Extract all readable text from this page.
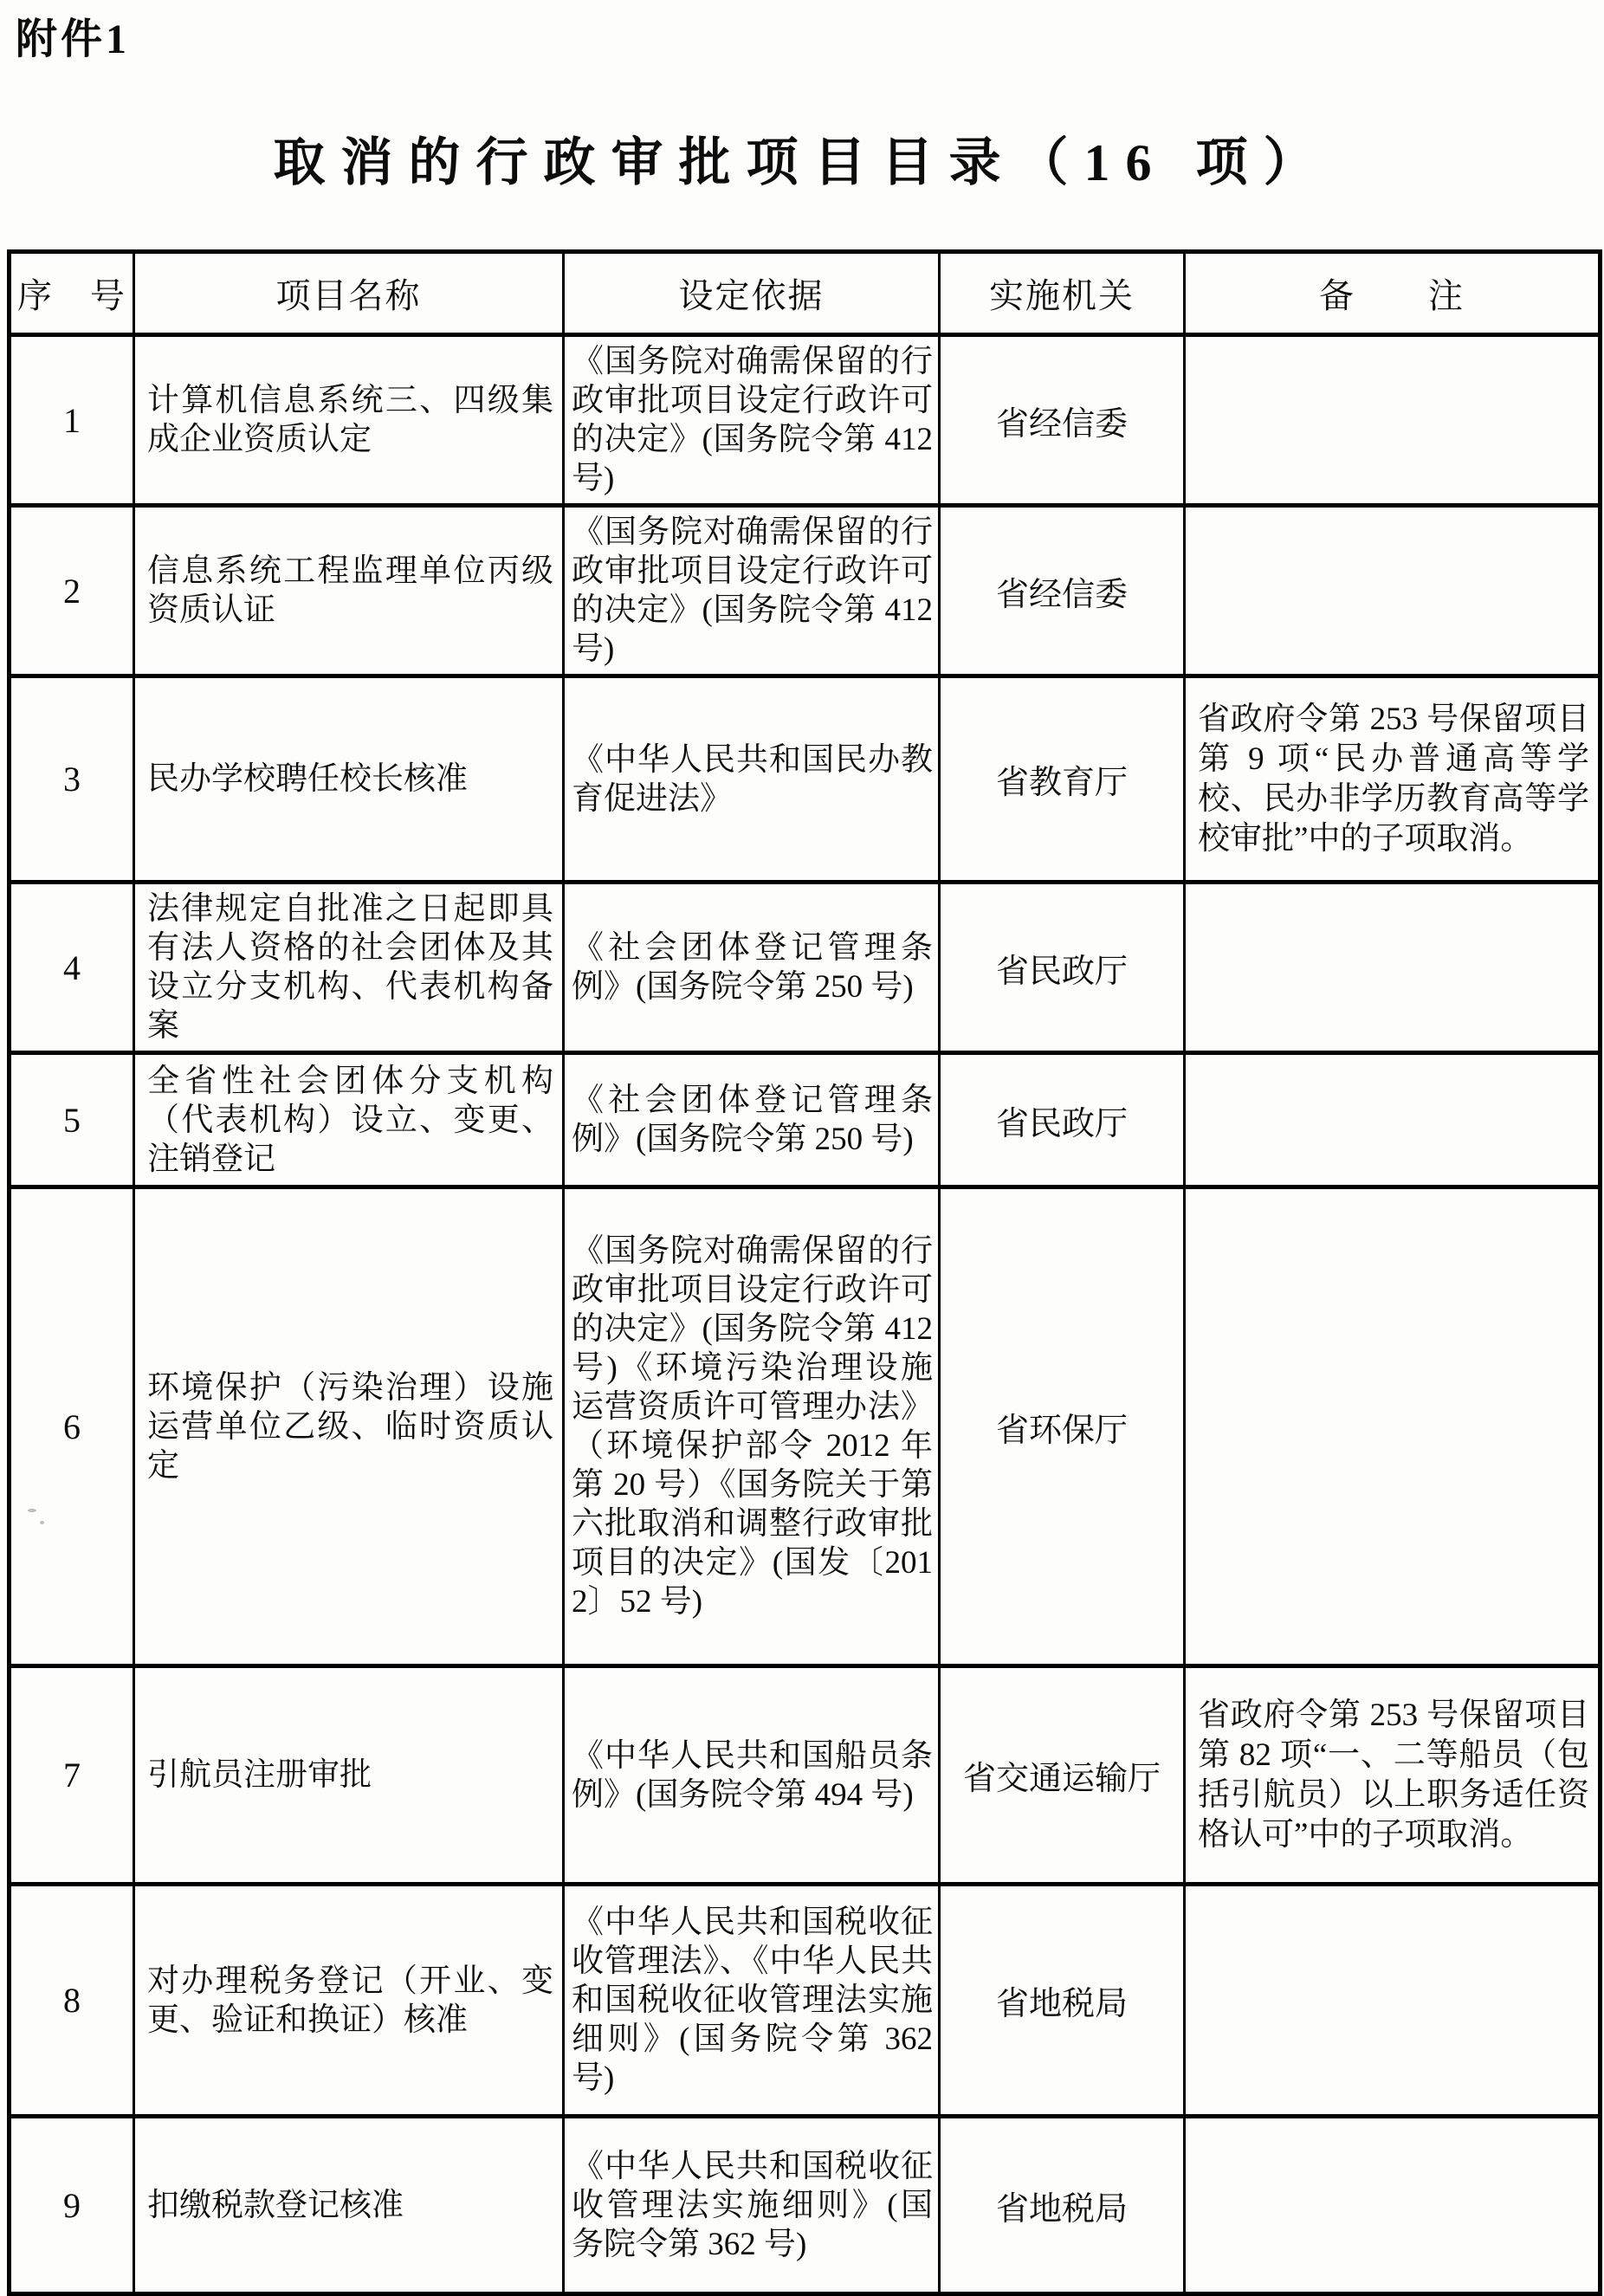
附件1
取消的行政审批项目目录（16 项）
序　号	项目名称	设定依据	实施机关	备　　注
1	计算机信息系统三、四级集成企业资质认定	《国务院对确需保留的行政审批项目设定行政许可的决定》(国务院令第 412 号)	省经信委	
2	信息系统工程监理单位丙级资质认证	《国务院对确需保留的行政审批项目设定行政许可的决定》(国务院令第 412 号)	省经信委	
3	民办学校聘任校长核准	《中华人民共和国民办教育促进法》	省教育厅	省政府令第 253 号保留项目第 9 项“民办普通高等学校、民办非学历教育高等学校审批”中的子项取消。
4	法律规定自批准之日起即具有法人资格的社会团体及其设立分支机构、代表机构备案	《社会团体登记管理条例》(国务院令第 250 号)	省民政厅	
5	全省性社会团体分支机构（代表机构）设立、变更、注销登记	《社会团体登记管理条例》(国务院令第 250 号)	省民政厅	
6	环境保护（污染治理）设施运营单位乙级、临时资质认定	《国务院对确需保留的行政审批项目设定行政许可的决定》(国务院令第 412 号)《环境污染治理设施运营资质许可管理办法》（环境保护部令 2012 年第 20 号）《国务院关于第六批取消和调整行政审批项目的决定》(国发〔2012〕52 号)	省环保厅	
7	引航员注册审批	《中华人民共和国船员条例》(国务院令第 494 号)	省交通运输厅	省政府令第 253 号保留项目第 82 项“一、二等船员（包括引航员）以上职务适任资格认可”中的子项取消。
8	对办理税务登记（开业、变更、验证和换证）核准	《中华人民共和国税收征收管理法》、《中华人民共和国税收征收管理法实施细则》(国务院令第 362 号)	省地税局	
9	扣缴税款登记核准	《中华人民共和国税收征收管理法实施细则》(国务院令第 362 号)	省地税局	
